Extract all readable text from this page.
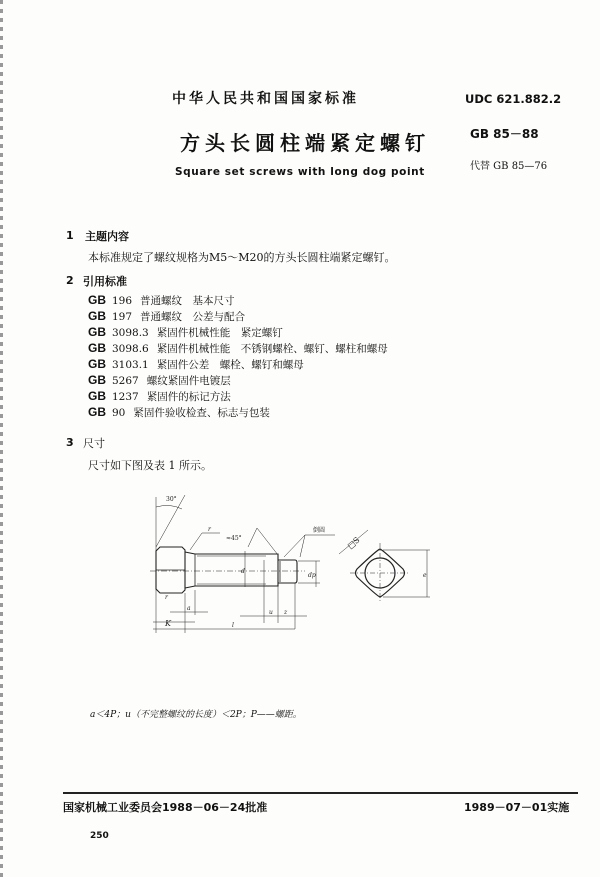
中华人民共和国国家标准	UDC 621.882.2
方头长圆柱端紧定螺钉	GB 85－88
代替 GB 85—76
Square set screws with long dog point
1 主题内容
本标准规定了螺纹规格为M5～M20的方头长圆柱端紧定螺钉。
2 引用标准
GB 196 普通螺纹　基本尺寸
GB 197 普通螺纹　公差与配合
GB 3098.3 紧固件机械性能　紧定螺钉
GB 3098.6 紧固件机械性能　不锈钢螺栓、螺钉、螺柱和螺母
GB 3103.1 紧固件公差　螺栓、螺钉和螺母
GB 5267 螺纹紧固件电镀层
GB 1237 紧固件的标记方法
GB 90 紧固件验收检查、标志与包装
3 尺寸
尺寸如下图及表 1 所示。
30°
r
r
≈45°
倒圆
d
dp
□S
e
a
u z
K	l
a＜4P；u（不完整螺纹的长度）＜2P；P——螺距。
国家机械工业委员会1988－06－24批准	1989－07－01实施
250
